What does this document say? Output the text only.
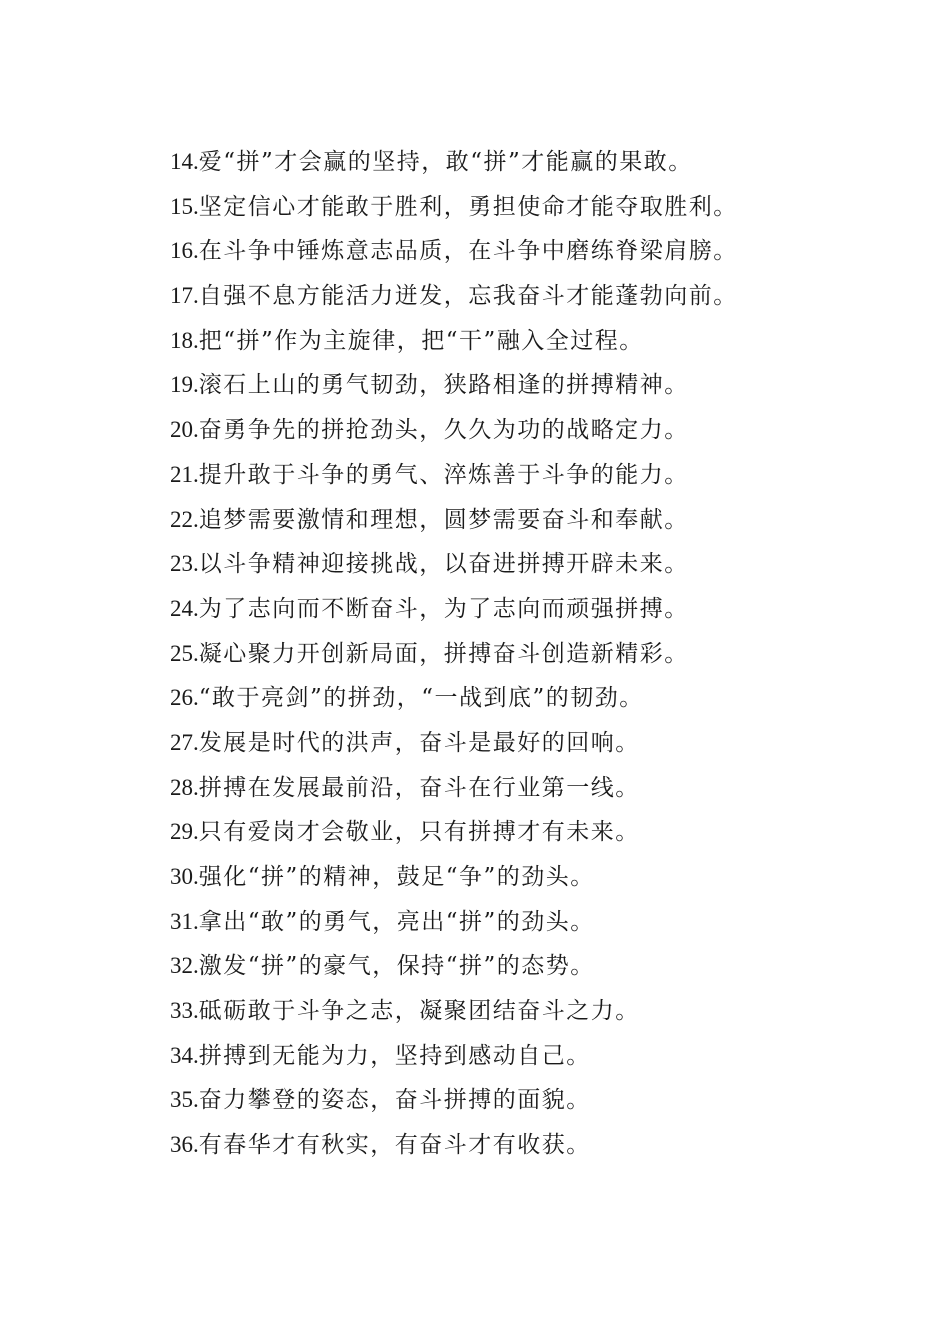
14.爱“拼”才会赢的坚持，敢“拼”才能赢的果敢。
15.坚定信心才能敢于胜利，勇担使命才能夺取胜利。
16.在斗争中锤炼意志品质，在斗争中磨练脊梁肩膀。
17.自强不息方能活力迸发，忘我奋斗才能蓬勃向前。
18.把“拼”作为主旋律，把“干”融入全过程。
19.滚石上山的勇气韧劲，狭路相逢的拼搏精神。
20.奋勇争先的拼抢劲头，久久为功的战略定力。
21.提升敢于斗争的勇气、淬炼善于斗争的能力。
22.追梦需要激情和理想，圆梦需要奋斗和奉献。
23.以斗争精神迎接挑战，以奋进拼搏开辟未来。
24.为了志向而不断奋斗，为了志向而顽强拼搏。
25.凝心聚力开创新局面，拼搏奋斗创造新精彩。
26.“敢于亮剑”的拼劲，“一战到底”的韧劲。
27.发展是时代的洪声，奋斗是最好的回响。
28.拼搏在发展最前沿，奋斗在行业第一线。
29.只有爱岗才会敬业，只有拼搏才有未来。
30.强化“拼”的精神，鼓足“争”的劲头。
31.拿出“敢”的勇气，亮出“拼”的劲头。
32.激发“拼”的豪气，保持“拼”的态势。
33.砥砺敢于斗争之志，凝聚团结奋斗之力。
34.拼搏到无能为力，坚持到感动自己。
35.奋力攀登的姿态，奋斗拼搏的面貌。
36.有春华才有秋实，有奋斗才有收获。
